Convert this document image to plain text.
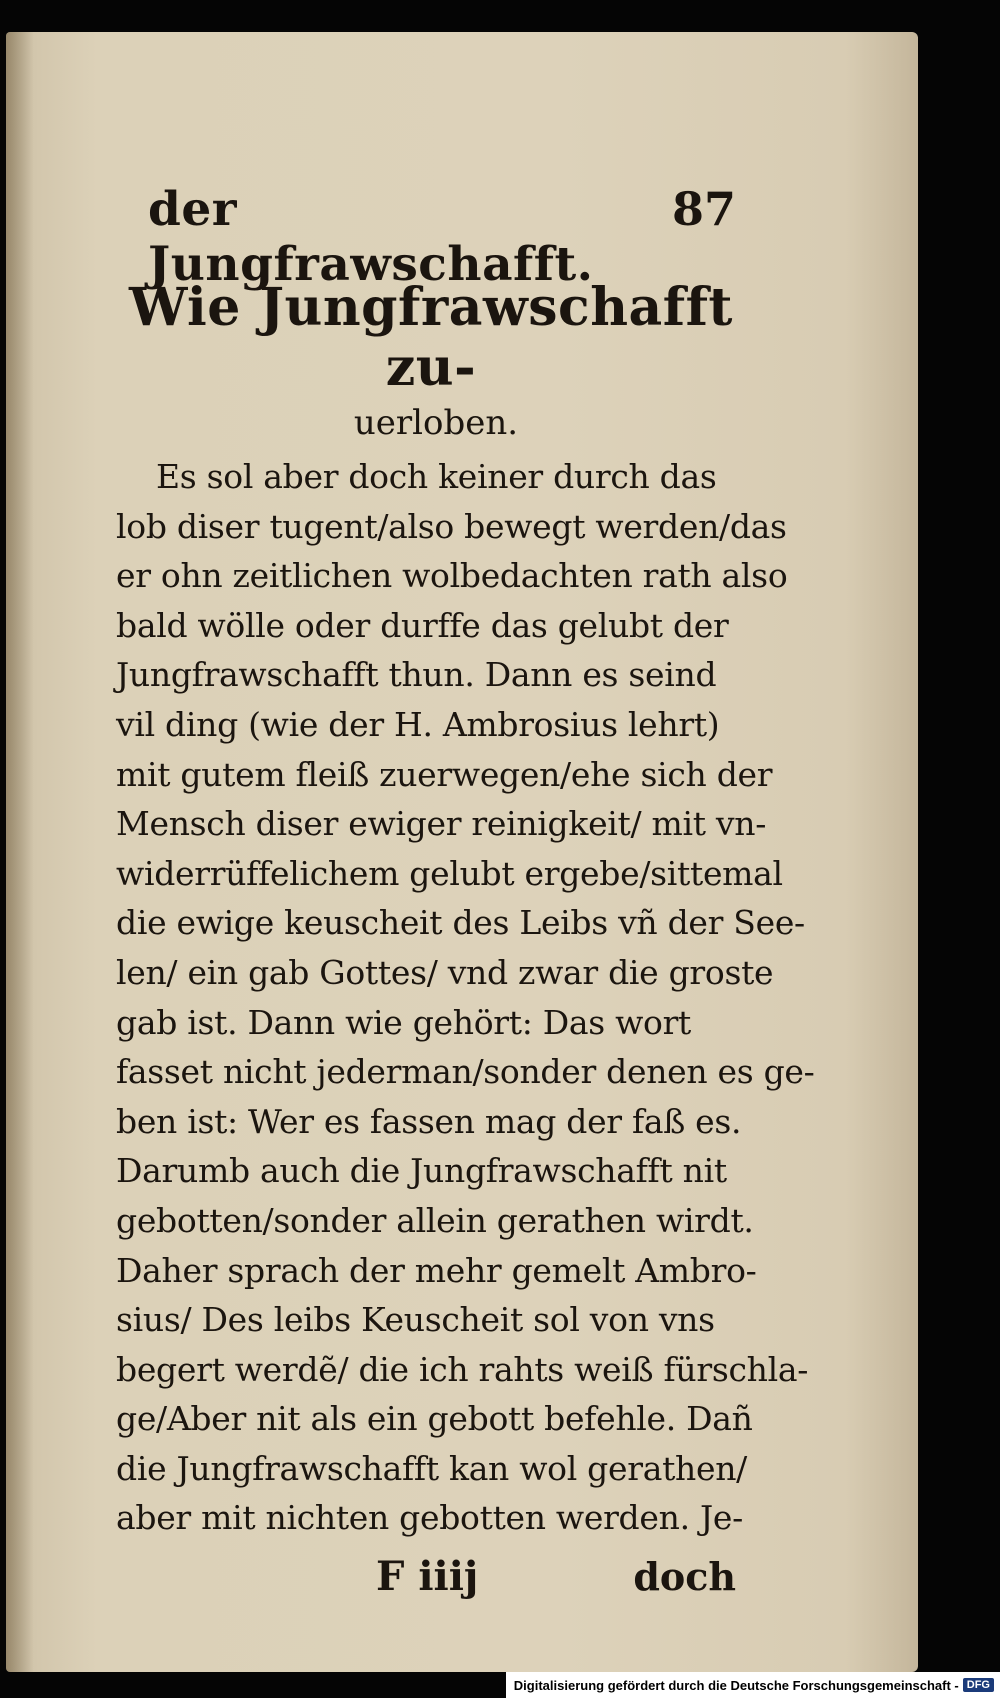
der Jungfrawschafft.
87
Wie Jungfrawschafft zu-
uerloben.
Es sol aber doch keiner durch das
lob diser tugent/also bewegt werden/das
er ohn zeitlichen wolbedachten rath also
bald wölle oder durffe das gelubt der
Jungfrawschafft thun. Dann es seind
vil ding (wie der H. Ambrosius lehrt)
mit gutem fleiß zuerwegen/ehe sich der
Mensch diser ewiger reinigkeit/ mit vn-
widerrüffelichem gelubt ergebe/sittemal
die ewige keuscheit des Leibs vñ der See-
len/ ein gab Gottes/ vnd zwar die groste
gab ist. Dann wie gehört: Das wort
fasset nicht jederman/sonder denen es ge-
ben ist: Wer es fassen mag der faß es.
Darumb auch die Jungfrawschafft nit
gebotten/sonder allein gerathen wirdt.
Daher sprach der mehr gemelt Ambro-
sius/ Des leibs Keuscheit sol von vns
begert werdẽ/ die ich rahts weiß fürschla-
ge/Aber nit als ein gebott befehle. Dañ
die Jungfrawschafft kan wol gerathen/
aber mit nichten gebotten werden. Je-
F iiij	doch
Digitalisierung gefördert durch die Deutsche Forschungsgemeinschaft - DFG
